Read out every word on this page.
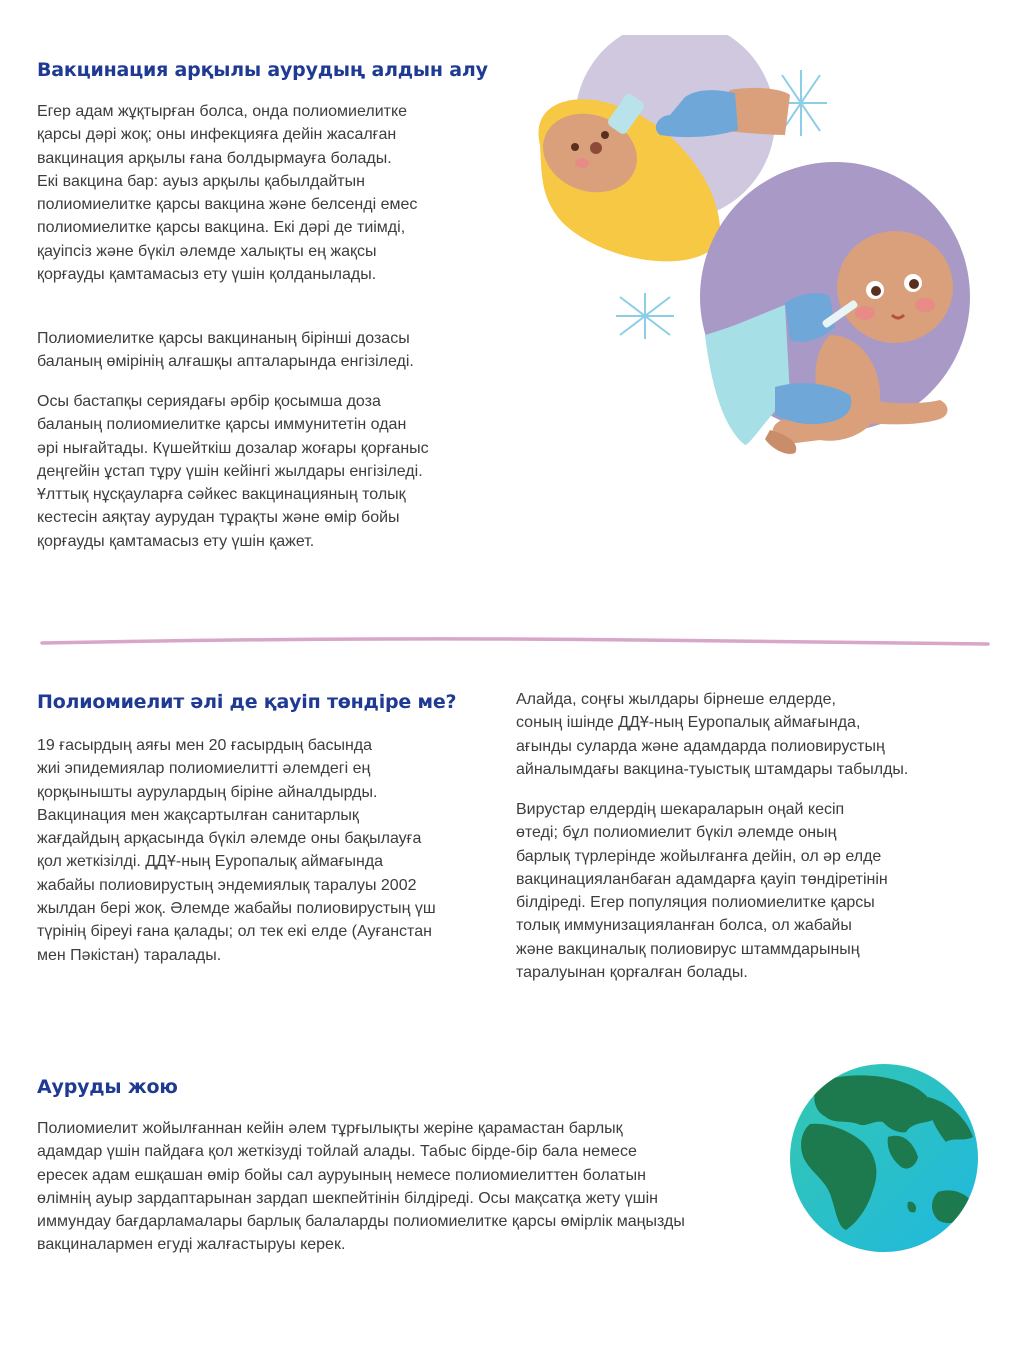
Вакцинация арқылы аурудың алдын алу

Егер адам жұқтырған болса, онда полиомиелитке
қарсы дәрі жоқ; оны инфекцияға дейін жасалған
вакцинация арқылы ғана болдырмауға болады.
Екі вакцина бар: ауыз арқылы қабылдайтын
полиомиелитке қарсы вакцина және белсенді емес
полиомиелитке қарсы вакцина. Екі дәрі де тиімді,
қауіпсіз және бүкіл әлемде халықты ең жақсы
қорғауды қамтамасыз ету үшін қолданылады.

Полиомиелитке қарсы вакцинаның бірінші дозасы
баланың өмірінің алғашқы апталарында енгізіледі.

Осы бастапқы сериядағы әрбір қосымша доза
баланың полиомиелитке қарсы иммунитетін одан
әрі нығайтады. Күшейткіш дозалар жоғары қорғаныс
деңгейін ұстап тұру үшін кейінгі жылдары енгізіледі.
Ұлттық нұсқауларға сәйкес вакцинацияның толық
кестесін аяқтау аурудан тұрақты және өмір бойы
қорғауды қамтамасыз ету үшін қажет.

Полиомиелит әлі де қауіп төндіре ме?

19 ғасырдың аяғы мен 20 ғасырдың басында
жиі эпидемиялар полиомиелитті әлемдегі ең
қорқынышты аурулардың біріне айналдырды.
Вакцинация мен жақсартылған санитарлық
жағдайдың арқасында бүкіл әлемде оны бақылауға
қол жеткізілді. ДДҰ-ның Еуропалық аймағында
жабайы полиовирустың эндемиялық таралуы 2002
жылдан бері жоқ. Әлемде жабайы полиовирустың үш
түрінің біреуі ғана қалады; ол тек екі елде (Ауғанстан
мен Пәкістан) таралады.

Алайда, соңғы жылдары бірнеше елдерде,
соның ішінде ДДҰ-ның Еуропалық аймағында,
ағынды суларда және адамдарда полиовирустың
айналымдағы вакцина-туыстық штамдары табылды.

Вирустар елдердің шекараларын оңай кесіп
өтеді; бұл полиомиелит бүкіл әлемде оның
барлық түрлерінде жойылғанға дейін, ол әр елде
вакцинацияланбаған адамдарға қауіп төндіретінін
білдіреді. Егер популяция полиомиелитке қарсы
толық иммунизацияланған болса, ол жабайы
және вакциналық полиовирус штаммдарының
таралуынан қорғалған болады.

Ауруды жою

Полиомиелит жойылғаннан кейін әлем тұрғылықты жеріне қарамастан барлық
адамдар үшін пайдаға қол жеткізуді тойлай алады. Табыс бірде-бір бала немесе
ересек адам ешқашан өмір бойы сал ауруының немесе полиомиелиттен болатын
өлімнің ауыр зардаптарынан зардап шекпейтінін білдіреді. Осы мақсатқа жету үшін
иммундау бағдарламалары барлық балаларды полиомиелитке қарсы өмірлік маңызды
вакциналармен егуді жалғастыруы керек.
